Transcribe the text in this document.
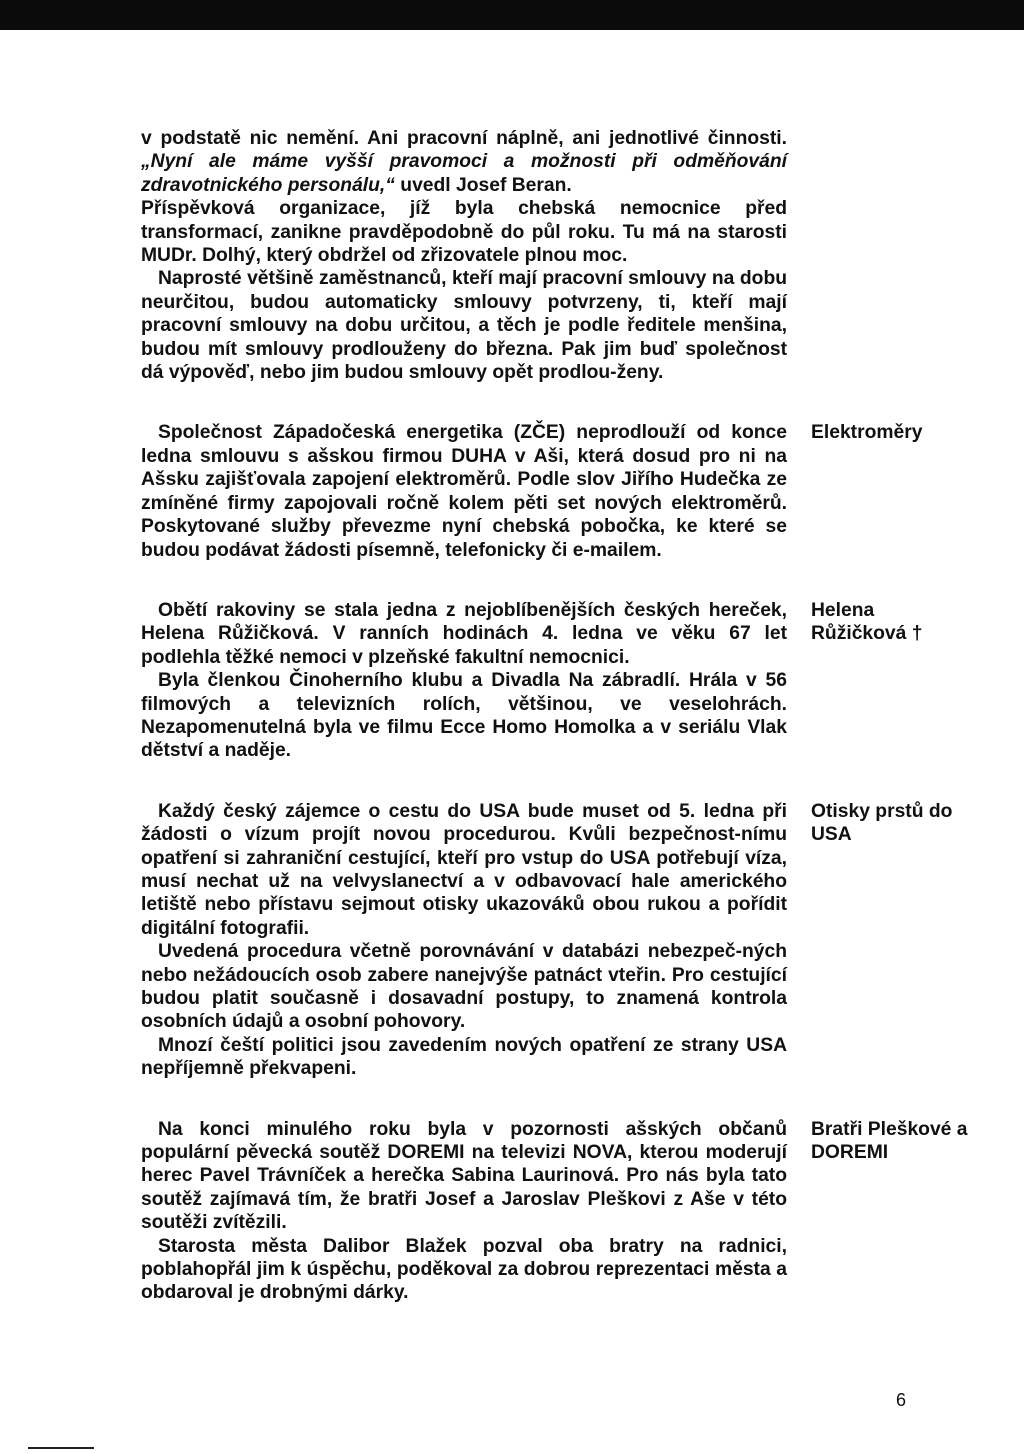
v podstatě nic nemění. Ani pracovní náplně, ani jednotlivé činnosti. „Nyní ale máme vyšší pravomoci a možnosti při odměňování zdravotnického personálu,“ uvedl Josef Beran.

Příspěvková organizace, jíž byla chebská nemocnice před transformací, zanikne pravděpodobně do půl roku. Tu má na starosti MUDr. Dolhý, který obdržel od zřizovatele plnou moc.

Naprosté většině zaměstnanců, kteří mají pracovní smlouvy na dobu neurčitou, budou automaticky smlouvy potvrzeny, ti, kteří mají pracovní smlouvy na dobu určitou, a těch je podle ředitele menšina, budou mít smlouvy prodlouženy do března. Pak jim buď společnost dá výpověď, nebo jim budou smlouvy opět prodlou-ženy.

Společnost Západočeská energetika (ZČE) neprodlouží od konce ledna smlouvu s ašskou firmou DUHA v Aši, která dosud pro ni na Ašsku zajišťovala zapojení elektroměrů. Podle slov Jiřího Hudečka ze zmíněné firmy zapojovali ročně kolem pěti set nových elektroměrů. Poskytované služby převezme nyní chebská pobočka, ke které se budou podávat žádosti písemně, telefonicky či e-mailem.

Elektroměry

Obětí rakoviny se stala jedna z nejoblíbenějších českých hereček, Helena Růžičková. V ranních hodinách 4. ledna ve věku 67 let podlehla těžké nemoci v plzeňské fakultní nemocnici.

Byla členkou Činoherního klubu a Divadla Na zábradlí. Hrála v 56 filmových a televizních rolích, většinou, ve veselohrách. Nezapomenutelná byla ve filmu Ecce Homo Homolka a v seriálu Vlak dětství a naděje.

Helena
Růžičková †

Každý český zájemce o cestu do USA bude muset od 5. ledna při žádosti o vízum projít novou procedurou. Kvůli bezpečnost-nímu opatření si zahraniční cestující, kteří pro vstup do USA potřebují víza, musí nechat už na velvyslanectví a v odbavovací hale amerického letiště nebo přístavu sejmout otisky ukazováků obou rukou a pořídit digitální fotografii.

Uvedená procedura včetně porovnávání v databázi nebezpeč-ných nebo nežádoucích osob zabere nanejvýše patnáct vteřin. Pro cestující budou platit současně i dosavadní postupy, to znamená kontrola osobních údajů a osobní pohovory.

Mnozí čeští politici jsou zavedením nových opatření ze strany USA nepříjemně překvapeni.

Otisky prstů do
USA

Na konci minulého roku byla v pozornosti ašských občanů populární pěvecká soutěž DOREMI na televizi NOVA, kterou moderují herec Pavel Trávníček a herečka Sabina Laurinová. Pro nás byla tato soutěž zajímavá tím, že bratři Josef a Jaroslav Pleškovi z Aše v této soutěži zvítězili.

Starosta města Dalibor Blažek pozval oba bratry na radnici, poblahopřál jim k úspěchu, poděkoval za dobrou reprezentaci města a obdaroval je drobnými dárky.

Bratři Pleškové a
DOREMI
6
